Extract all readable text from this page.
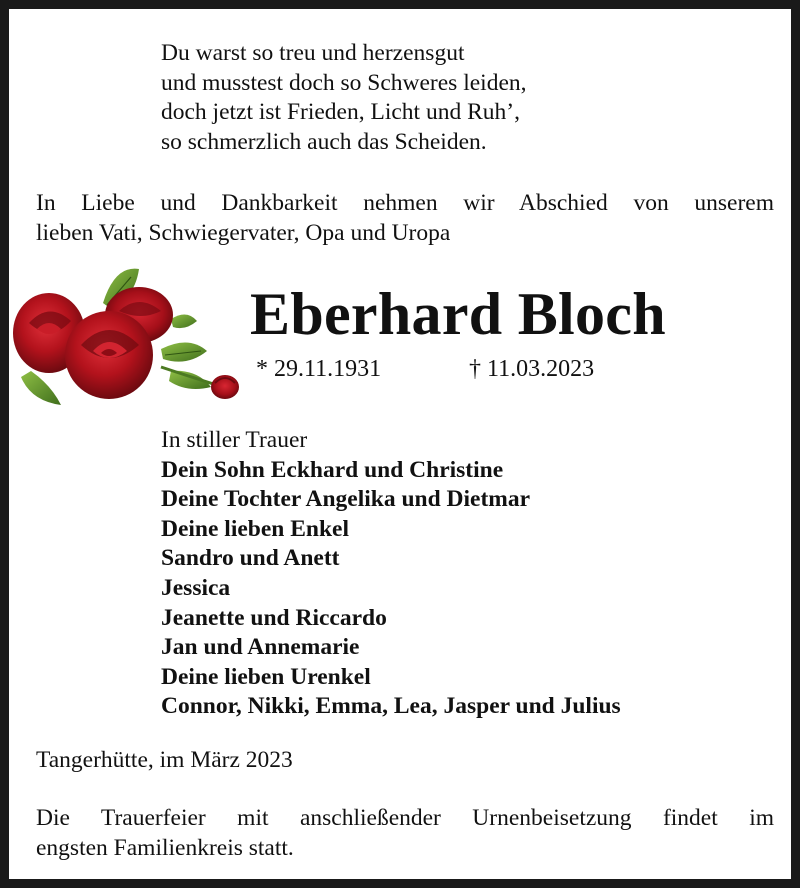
Du warst so treu und herzensgut
und musstest doch so Schweres leiden,
doch jetzt ist Frieden, Licht und Ruh’,
so schmerzlich auch das Scheiden.
In Liebe und Dankbarkeit nehmen wir Abschied von unserem
lieben Vati, Schwiegervater, Opa und Uropa
Eberhard Bloch
* 29.11.1931	† 11.03.2023
In stiller Trauer
Dein Sohn Eckhard und Christine
Deine Tochter Angelika und Dietmar
Deine lieben Enkel
Sandro und Anett
Jessica
Jeanette und Riccardo
Jan und Annemarie
Deine lieben Urenkel
Connor, Nikki, Emma, Lea, Jasper und Julius
Tangerhütte, im März 2023
Die Trauerfeier mit anschließender Urnenbeisetzung findet im
engsten Familienkreis statt.
